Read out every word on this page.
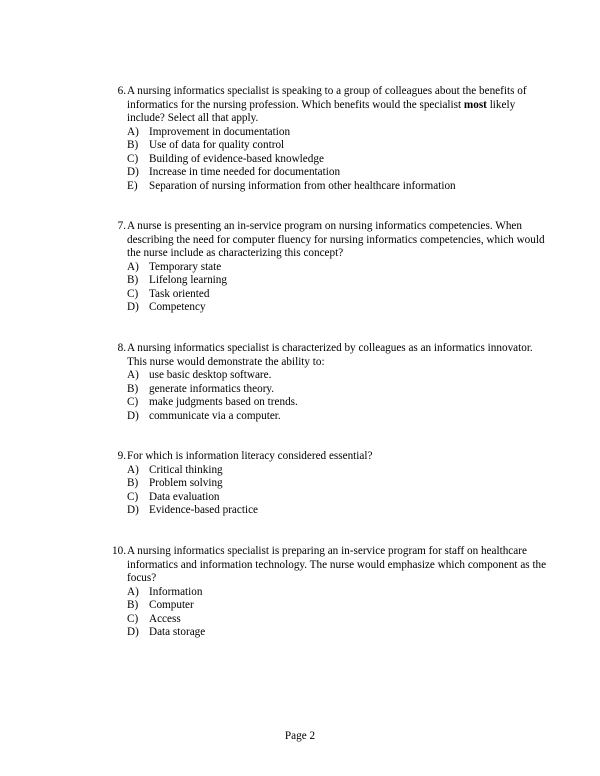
6. A nursing informatics specialist is speaking to a group of colleagues about the benefits of informatics for the nursing profession. Which benefits would the specialist most likely include? Select all that apply.
A) Improvement in documentation
B) Use of data for quality control
C) Building of evidence-based knowledge
D) Increase in time needed for documentation
E)	Separation of nursing information from other healthcare information
7. A nurse is presenting an in-service program on nursing informatics competencies. When describing the need for computer fluency for nursing informatics competencies, which would the nurse include as characterizing this concept?
A) Temporary state
B) Lifelong learning
C) Task oriented
D) Competency
8. A nursing informatics specialist is characterized by colleagues as an informatics innovator. This nurse would demonstrate the ability to:
A) use basic desktop software.
B) generate informatics theory.
C) make judgments based on trends.
D) communicate via a computer.
9. For which is information literacy considered essential?
A) Critical thinking
B) Problem solving
C) Data evaluation
D) Evidence-based practice
10. A nursing informatics specialist is preparing an in-service program for staff on healthcare informatics and information technology. The nurse would emphasize which component as the focus?
A) Information
B) Computer
C) Access
D) Data storage
Page 2
